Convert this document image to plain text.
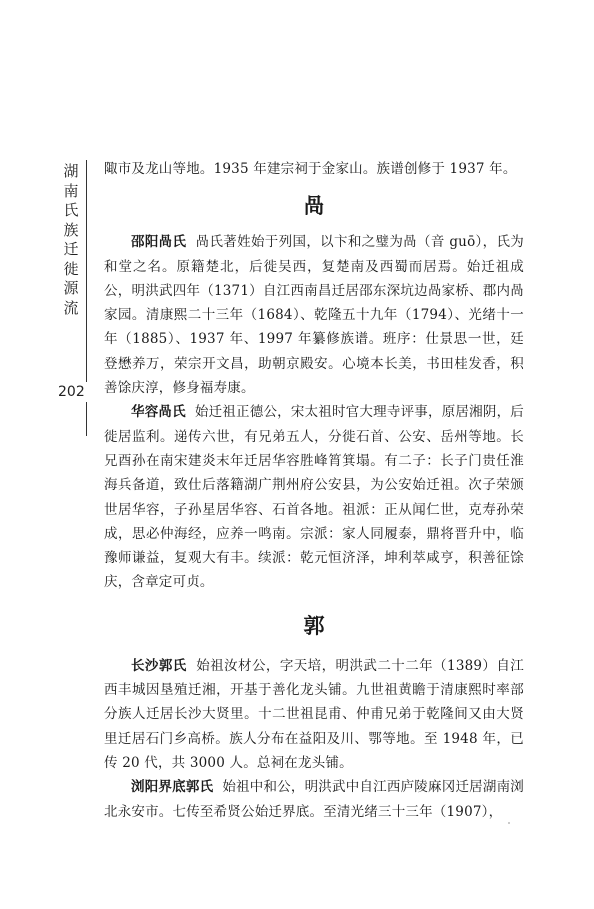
湖南氏族迁徙源流
202

陬市及龙山等地。1935 年建宗祠于金家山。族谱创修于 1937 年。

咼

邵阳咼氏 咼氏著姓始于列国，以卞和之璧为咼（音 guō），氏为和堂之名。原籍楚北，后徙吴西，复楚南及西蜀而居焉。始迁祖成公，明洪武四年（1371）自江西南昌迁居邵东深坑边咼家桥、郡内咼家园。清康熙二十三年（1684）、乾隆五十九年（1794）、光绪十一年（1885）、1937 年、1997 年纂修族谱。班序：仕景思一世，廷登懋养万，荣宗开文昌，助朝京殿安。心境本长美，书田桂发香，积善馀庆淳，修身福寿康。

华容咼氏 始迁祖正德公，宋太祖时官大理寺评事，原居湘阴，后徙居监利。递传六世，有兄弟五人，分徙石首、公安、岳州等地。长兄酉孙在南宋建炎末年迁居华容胜峰筲箕塌。有二子：长子门贵任淮海兵备道，致仕后落籍湖广荆州府公安县，为公安始迁祖。次子荣颁世居华容，子孙星居华容、石首各地。祖派：正从闻仁世，克寿孙荣成，思必仲海经，应养一鸣南。宗派：家人同履泰，鼎将晋升中，临豫师谦益，复观大有丰。续派：乾元恒济泽，坤利萃咸亨，积善征馀庆，含章定可贞。

郭

长沙郭氏 始祖汝材公，字天培，明洪武二十二年（1389）自江西丰城因垦殖迁湘，开基于善化龙头铺。九世祖黄瞻于清康熙时率部分族人迁居长沙大贤里。十二世祖昆甫、仲甫兄弟于乾隆间又由大贤里迁居石门乡高桥。族人分布在益阳及川、鄂等地。至 1948 年，已传 20 代，共 3000 人。总祠在龙头铺。

浏阳界底郭氏 始祖中和公，明洪武中自江西庐陵麻冈迁居湖南浏北永安市。七传至希贤公始迁界底。至清光绪三十三年（1907），
